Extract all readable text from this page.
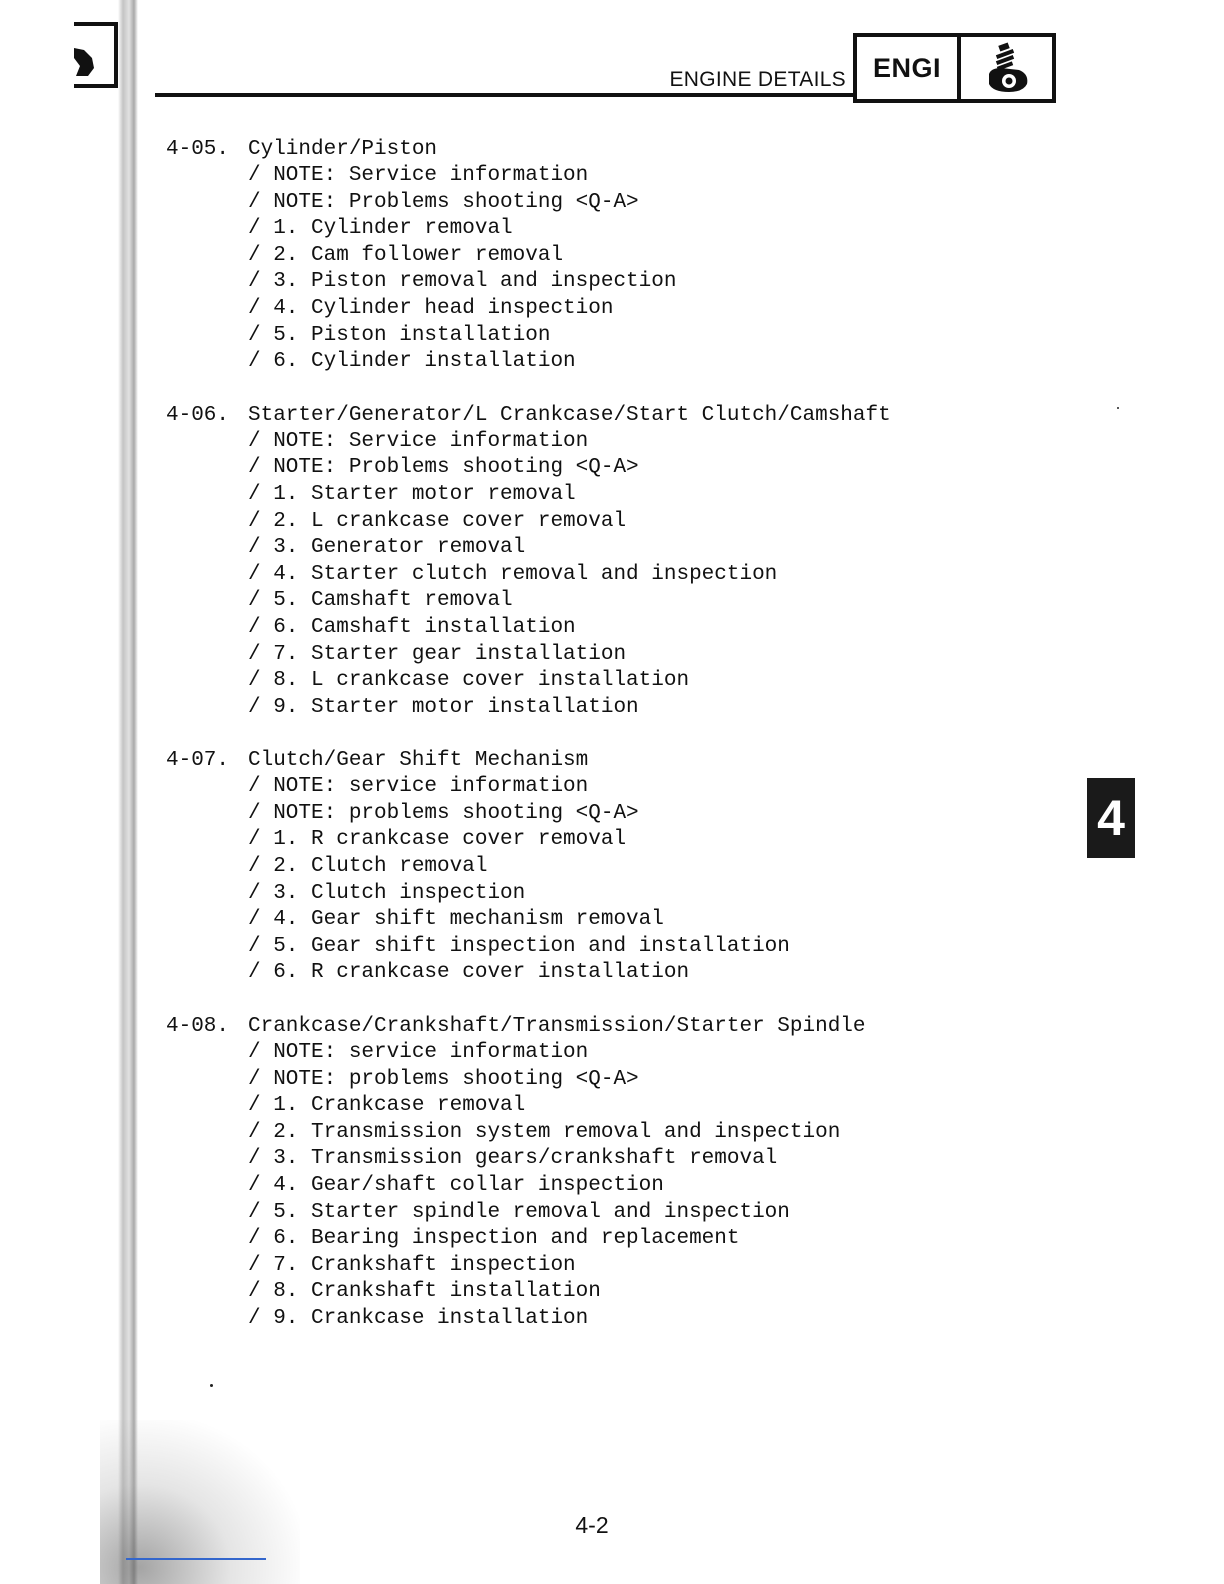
ENGINE DETAILS ENGI
4
4-05. Cylinder/Piston
/ NOTE: Service information
/ NOTE: Problems shooting <Q-A>
/ 1. Cylinder removal
/ 2. Cam follower removal
/ 3. Piston removal and inspection
/ 4. Cylinder head inspection
/ 5. Piston installation
/ 6. Cylinder installation
4-06. Starter/Generator/L Crankcase/Start Clutch/Camshaft
/ NOTE: Service information
/ NOTE: Problems shooting <Q-A>
/ 1. Starter motor removal
/ 2. L crankcase cover removal
/ 3. Generator removal
/ 4. Starter clutch removal and inspection
/ 5. Camshaft removal
/ 6. Camshaft installation
/ 7. Starter gear installation
/ 8. L crankcase cover installation
/ 9. Starter motor installation
4-07. Clutch/Gear Shift Mechanism
/ NOTE: service information
/ NOTE: problems shooting <Q-A>
/ 1. R crankcase cover removal
/ 2. Clutch removal
/ 3. Clutch inspection
/ 4. Gear shift mechanism removal
/ 5. Gear shift inspection and installation
/ 6. R crankcase cover installation
4-08. Crankcase/Crankshaft/Transmission/Starter Spindle
/ NOTE: service information
/ NOTE: problems shooting <Q-A>
/ 1. Crankcase removal
/ 2. Transmission system removal and inspection
/ 3. Transmission gears/crankshaft removal
/ 4. Gear/shaft collar inspection
/ 5. Starter spindle removal and inspection
/ 6. Bearing inspection and replacement
/ 7. Crankshaft inspection
/ 8. Crankshaft installation
/ 9. Crankcase installation
4-2
